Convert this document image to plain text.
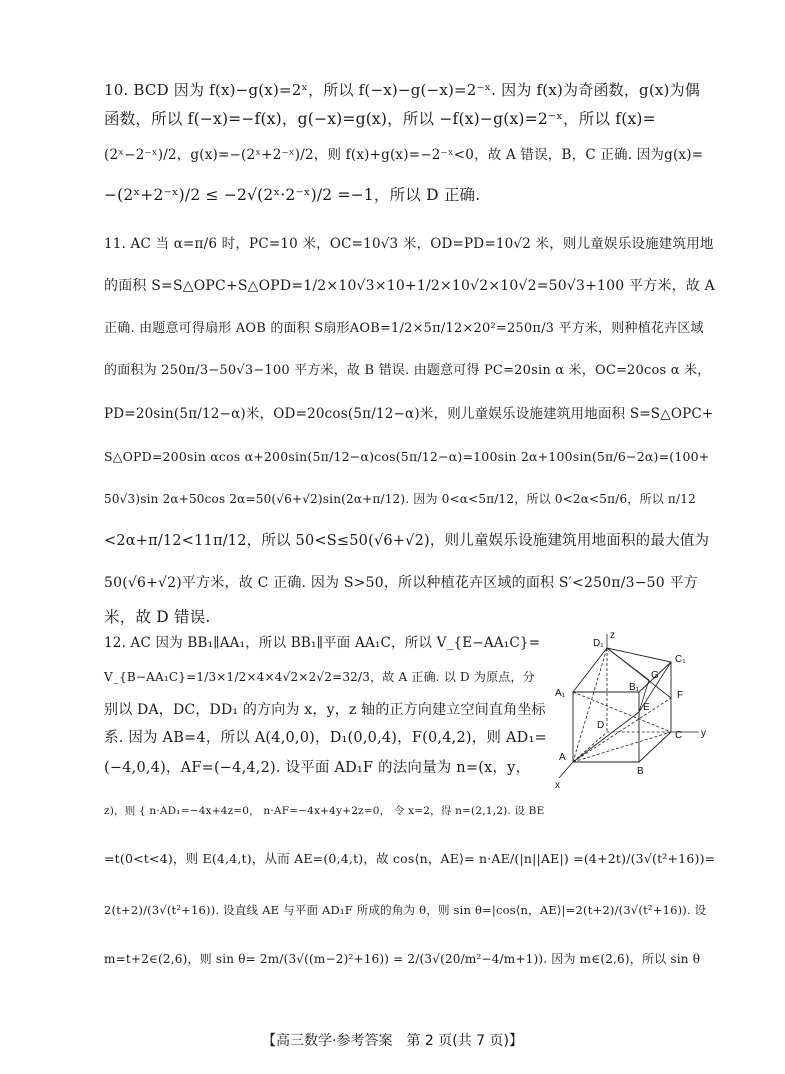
10. BCD 因为 f(x)−g(x)=2ˣ，所以 f(−x)−g(−x)=2⁻ˣ. 因为 f(x)为奇函数，g(x)为偶
函数，所以 f(−x)=−f(x)，g(−x)=g(x)，所以 −f(x)−g(x)=2⁻ˣ，所以 f(x)=
(2ˣ−2⁻ˣ)/2，g(x)=−(2ˣ+2⁻ˣ)/2，则 f(x)+g(x)=−2⁻ˣ<0，故 A 错误，B，C 正确. 因为g(x)=
−(2ˣ+2⁻ˣ)/2 ≤ −2√(2ˣ·2⁻ˣ)/2 =−1，所以 D 正确.
11. AC 当 α=π/6 时，PC=10 米，OC=10√3 米，OD=PD=10√2 米，则儿童娱乐设施建筑用地
的面积 S=S△OPC+S△OPD=1/2×10√3×10+1/2×10√2×10√2=50√3+100 平方米，故 A
正确. 由题意可得扇形 AOB 的面积 S扇形AOB=1/2×5π/12×20²=250π/3 平方米，则种植花卉区域
的面积为 250π/3−50√3−100 平方米，故 B 错误. 由题意可得 PC=20sin α 米，OC=20cos α 米，
PD=20sin(5π/12−α)米，OD=20cos(5π/12−α)米，则儿童娱乐设施建筑用地面积 S=S△OPC+
S△OPD=200sin αcos α+200sin(5π/12−α)cos(5π/12−α)=100sin 2α+100sin(5π/6−2α)=(100+
50√3)sin 2α+50cos 2α=50(√6+√2)sin(2α+π/12). 因为 0<α<5π/12，所以 0<2α<5π/6，所以 π/12
<2α+π/12<11π/12，所以 50<S≤50(√6+√2)，则儿童娱乐设施建筑用地面积的最大值为
50(√6+√2)平方米，故 C 正确. 因为 S>50，所以种植花卉区域的面积 S′<250π/3−50 平方
米，故 D 错误.
12. AC 因为 BB₁∥AA₁，所以 BB₁∥平面 AA₁C，所以 V_{E−AA₁C}=
V_{B−AA₁C}=1/3×1/2×4×4√2×2√2=32/3，故 A 正确. 以 D 为原点，分
别以 DA，DC，DD₁ 的方向为 x，y，z 轴的正方向建立空间直角坐标
系. 因为 AB=4，所以 A(4,0,0)，D₁(0,0,4)，F(0,4,2)，则 AD₁=
(−4,0,4)，AF=(−4,4,2). 设平面 AD₁F 的法向量为 n=(x，y，
z)，则 { n·AD₁=−4x+4z=0， n·AF=−4x+4y+2z=0， 令 x=2，得 n=(2,1,2). 设 BE
=t(0<t<4)，则 E(4,4,t)，从而 AE=(0,4,t)，故 cos⟨n，AE⟩= n·AE/(|n||AE|) =(4+2t)/(3√(t²+16))=
2(t+2)/(3√(t²+16)). 设直线 AE 与平面 AD₁F 所成的角为 θ，则 sin θ=|cos⟨n，AE⟩|=2(t+2)/(3√(t²+16)). 设
m=t+2∈(2,6)，则 sin θ= 2m/(3√((m−2)²+16)) = 2/(3√(20/m²−4/m+1)). 因为 m∈(2,6)，所以 sin θ
D₁
C₁
A₁
B₁
G
F
E
D
C
A
B
z
y
x
【高三数学·参考答案　第 2 页(共 7 页)】
